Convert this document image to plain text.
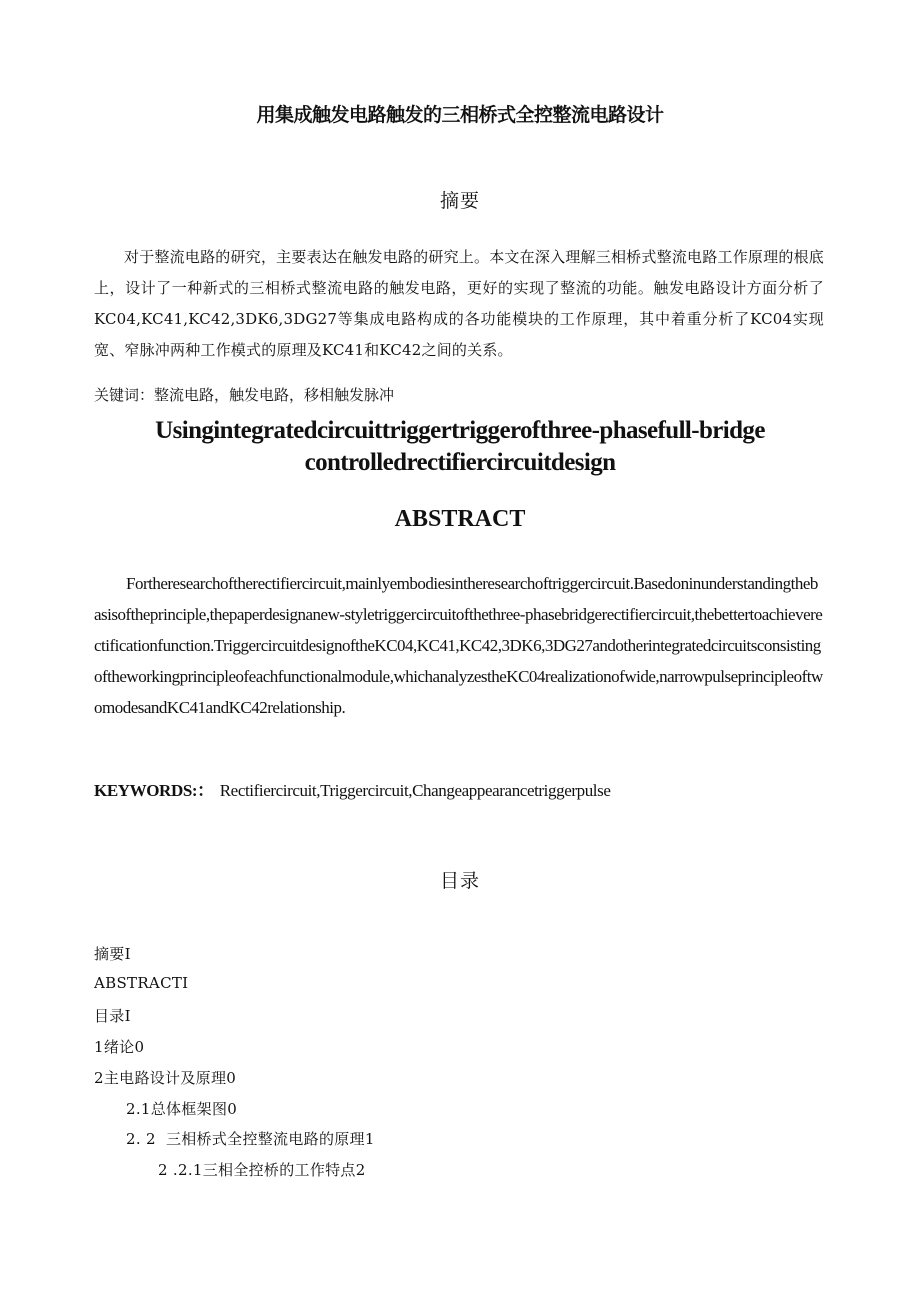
用集成触发电路触发的三相桥式全控整流电路设计
摘要

对于整流电路的研究，主要表达在触发电路的研究上。本文在深入理解三相桥式整流电路工作原理的根底上，设计了一种新式的三相桥式整流电路的触发电路，更好的实现了整流的功能。触发电路设计方面分析了KC04,KC41,KC42,3DK6,3DG27等集成电路构成的各功能模块的工作原理，其中着重分析了KC04实现宽、窄脉冲两种工作模式的原理及KC41和KC42之间的关系。

关键词：整流电路，触发电路，移相触发脉冲
Usingintegratedcircuittriggertriggerofthree-phasefull-bridge
controlledrectifiercircuitdesign
ABSTRACT

Fortheresearchoftherectifiercircuit,mainlyembodiesintheresearchoftriggercircuit.Basedoninunderstandingthebasisoftheprinciple,thepaperdesignanew-styletriggercircuitofthethree-phasebridgerectifiercircuit,thebettertoachieverectificationfunction.TriggercircuitdesignoftheKC04,KC41,KC42,3DK6,3DG27andotherintegratedcircuitsconsistingoftheworkingprincipleofeachfunctionalmodule,whichanalyzestheKC04realizationofwide,narrowpulseprincipleoftwomodesandKC41andKC42relationship.

KEYWORDS:： Rectifiercircuit,Triggercircuit,Changeappearancetriggerpulse
目录
摘要I
ABSTRACTI
目录I
1绪论0
2主电路设计及原理0
2.1总体框架图0
2. 2  三相桥式全控整流电路的原理1
2 .2.1三相全控桥的工作特点2
